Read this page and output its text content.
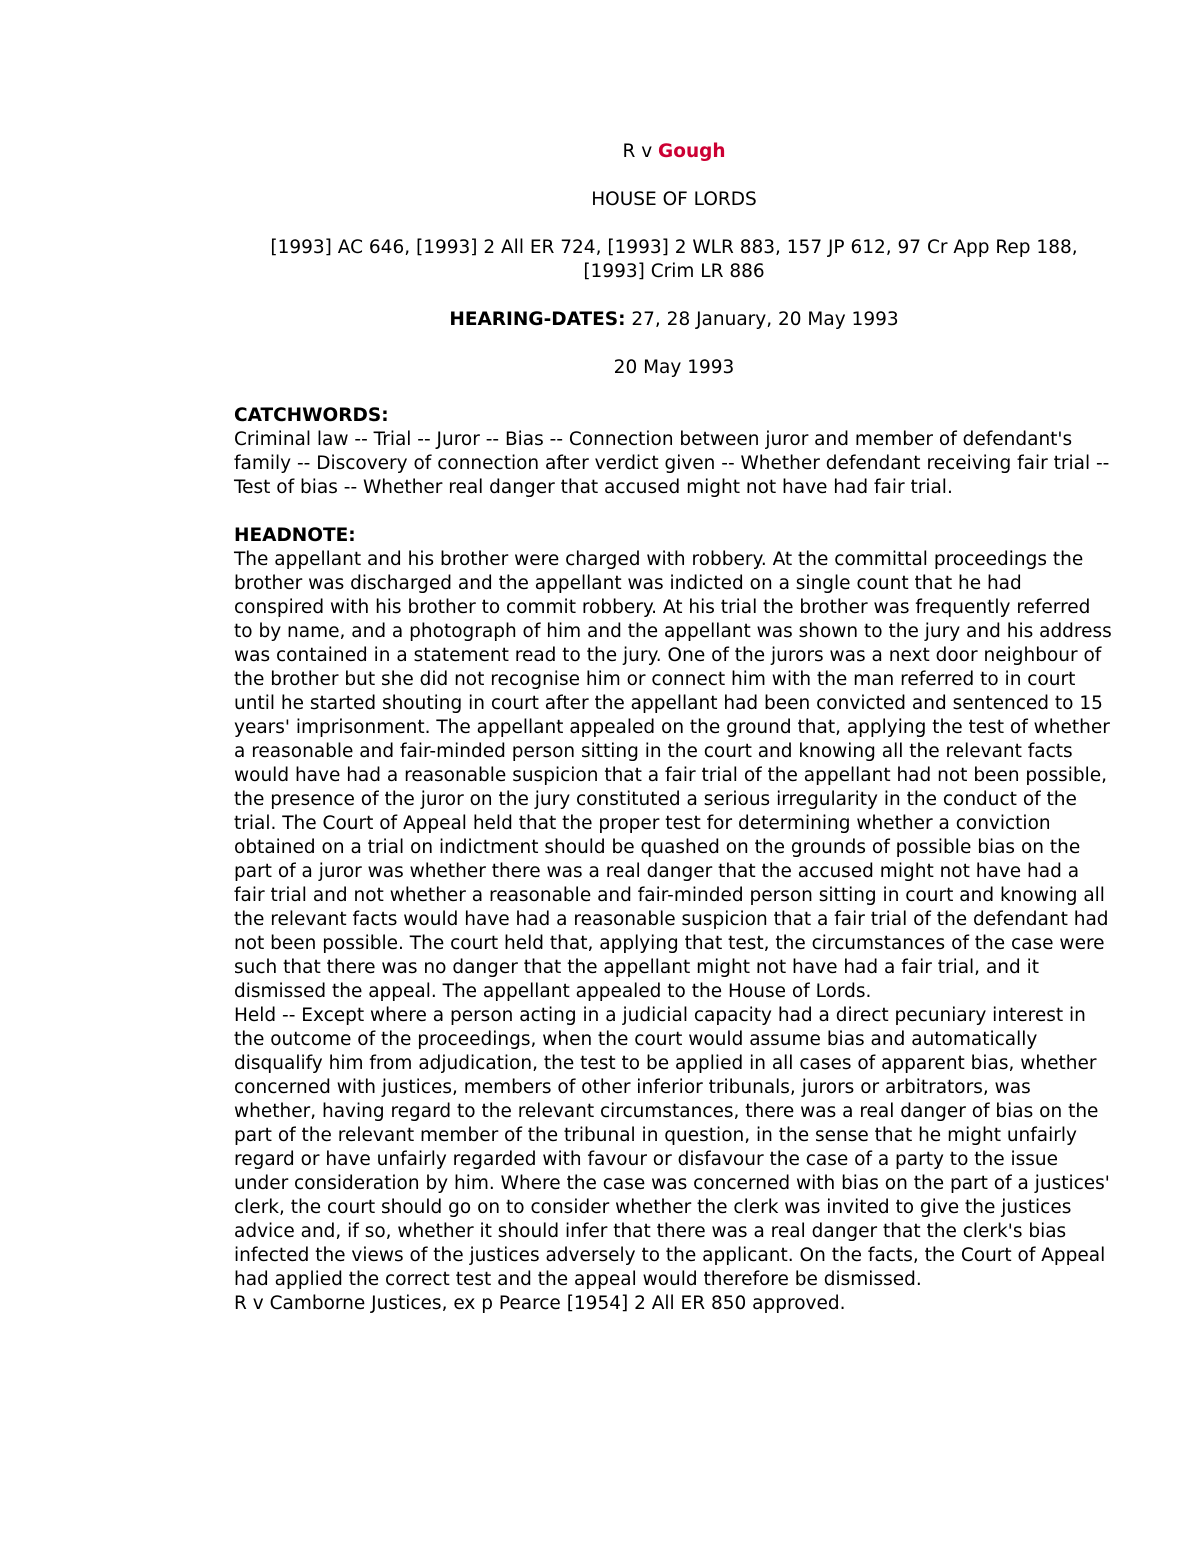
R v Gough

HOUSE OF LORDS

[1993] AC 646, [1993] 2 All ER 724, [1993] 2 WLR 883, 157 JP 612, 97 Cr App Rep 188, [1993] Crim LR 886

HEARING-DATES: 27, 28 January, 20 May 1993

20 May 1993

CATCHWORDS:

Criminal law -- Trial -- Juror -- Bias -- Connection between juror and member of defendant's family -- Discovery of connection after verdict given -- Whether defendant receiving fair trial -- Test of bias -- Whether real danger that accused might not have had fair trial.

HEADNOTE:

The appellant and his brother were charged with robbery. At the committal proceedings the brother was discharged and the appellant was indicted on a single count that he had conspired with his brother to commit robbery. At his trial the brother was frequently referred to by name, and a photograph of him and the appellant was shown to the jury and his address was contained in a statement read to the jury. One of the jurors was a next door neighbour of the brother but she did not recognise him or connect him with the man referred to in court until he started shouting in court after the appellant had been convicted and sentenced to 15 years' imprisonment. The appellant appealed on the ground that, applying the test of whether a reasonable and fair-minded person sitting in the court and knowing all the relevant facts would have had a reasonable suspicion that a fair trial of the appellant had not been possible, the presence of the juror on the jury constituted a serious irregularity in the conduct of the trial. The Court of Appeal held that the proper test for determining whether a conviction obtained on a trial on indictment should be quashed on the grounds of possible bias on the part of a juror was whether there was a real danger that the accused might not have had a fair trial and not whether a reasonable and fair-minded person sitting in court and knowing all the relevant facts would have had a reasonable suspicion that a fair trial of the defendant had not been possible. The court held that, applying that test, the circumstances of the case were such that there was no danger that the appellant might not have had a fair trial, and it dismissed the appeal. The appellant appealed to the House of Lords.

Held -- Except where a person acting in a judicial capacity had a direct pecuniary interest in the outcome of the proceedings, when the court would assume bias and automatically disqualify him from adjudication, the test to be applied in all cases of apparent bias, whether concerned with justices, members of other inferior tribunals, jurors or arbitrators, was whether, having regard to the relevant circumstances, there was a real danger of bias on the part of the relevant member of the tribunal in question, in the sense that he might unfairly regard or have unfairly regarded with favour or disfavour the case of a party to the issue under consideration by him. Where the case was concerned with bias on the part of a justices' clerk, the court should go on to consider whether the clerk was invited to give the justices advice and, if so, whether it should infer that there was a real danger that the clerk's bias infected the views of the justices adversely to the applicant. On the facts, the Court of Appeal had applied the correct test and the appeal would therefore be dismissed.

R v Camborne Justices, ex p Pearce [1954] 2 All ER 850 approved.
